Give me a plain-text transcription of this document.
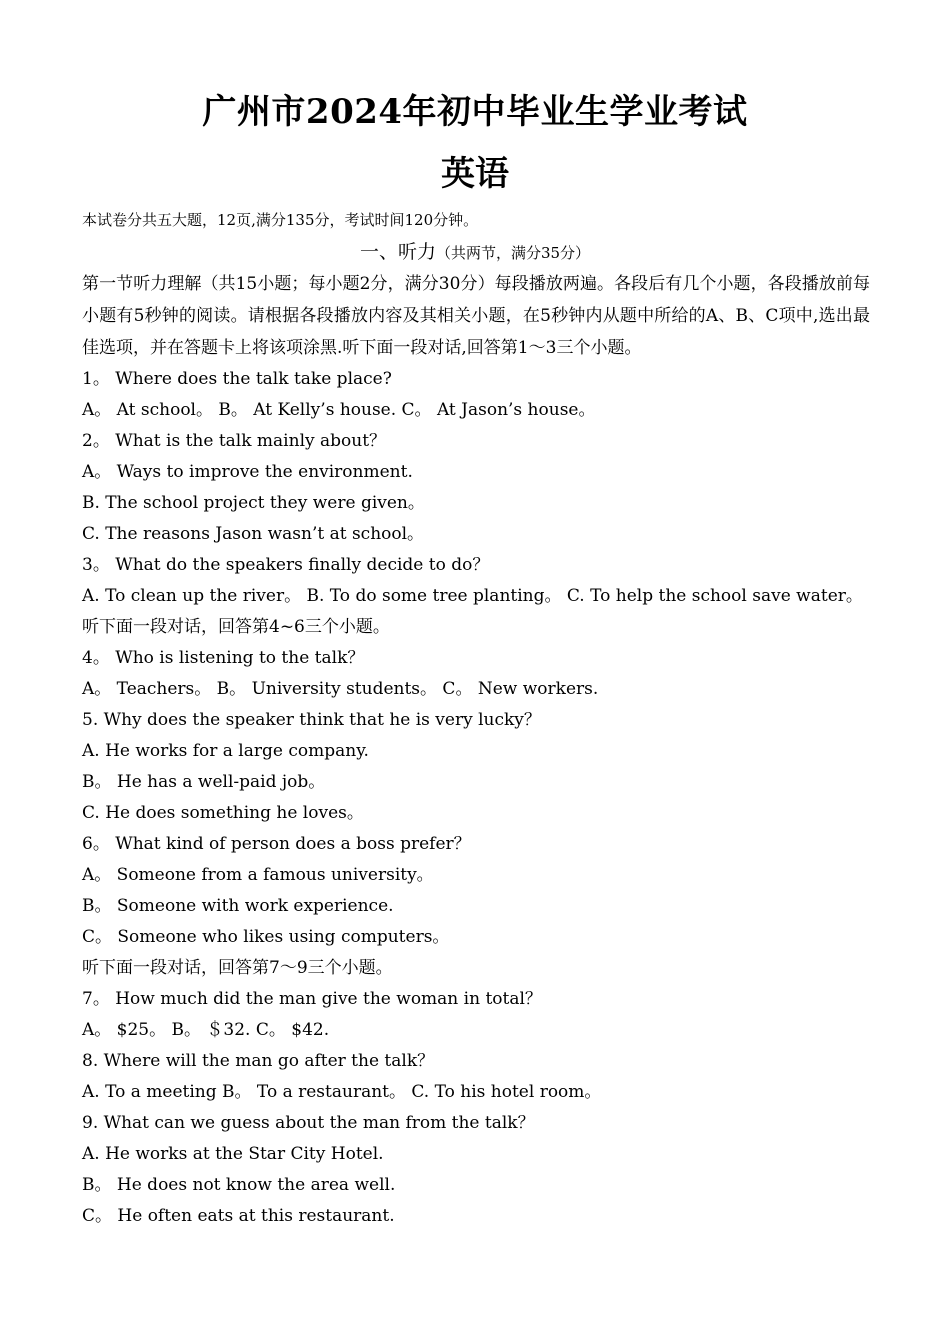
广州市2024年初中毕业生学业考试
英语
本试卷分共五大题，12页,满分135分，考试时间120分钟。
一、听力（共两节，满分35分）
第一节听力理解（共15小题；每小题2分，满分30分）每段播放两遍。各段后有几个小题，各段播放前每小题有5秒钟的阅读。请根据各段播放内容及其相关小题，在5秒钟内从题中所给的A、B、C项中,选出最佳选项，并在答题卡上将该项涂黑.听下面一段对话,回答第1～3三个小题。
1。 Where does the talk take place?
A。 At school。 B。 At Kelly’s house. C。 At Jason’s house。
2。 What is the talk mainly about？
A。 Ways to improve the environment.
B. The school project they were given。
C. The reasons Jason wasn’t at school。
3。 What do the speakers finally decide to do？
A. To clean up the river。 B. To do some tree planting。 C. To help the school save water。
听下面一段对话，回答第4~6三个小题。
4。 Who is listening to the talk？
A。 Teachers。 B。 University students。 C。 New workers.
5. Why does the speaker think that he is very lucky？
A. He works for a large company.
B。 He has a well-paid job。
C. He does something he loves。
6。 What kind of person does a boss prefer？
A。 Someone from a famous university。
B。 Someone with work experience.
C。 Someone who likes using computers。
听下面一段对话，回答第7～9三个小题。
7。 How much did the man give the woman in total？
A。 $25。 B。 ＄32. C。 $42.
8. Where will the man go after the talk？
A. To a meeting B。 To a restaurant。 C. To his hotel room。
9. What can we guess about the man from the talk？
A. He works at the Star City Hotel.
B。 He does not know the area well.
C。 He often eats at this restaurant.
